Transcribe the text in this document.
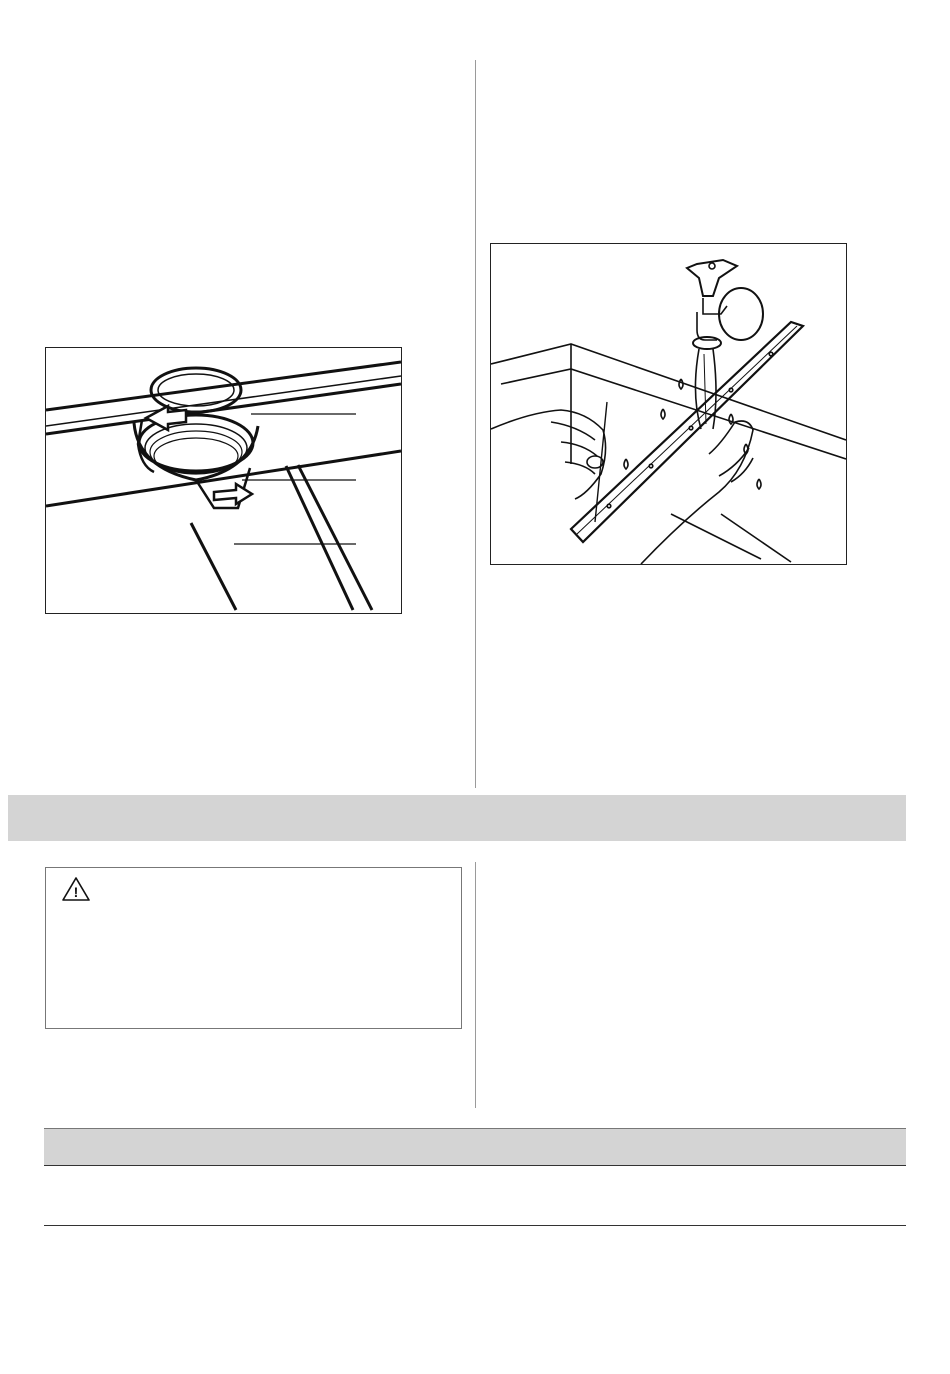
!
